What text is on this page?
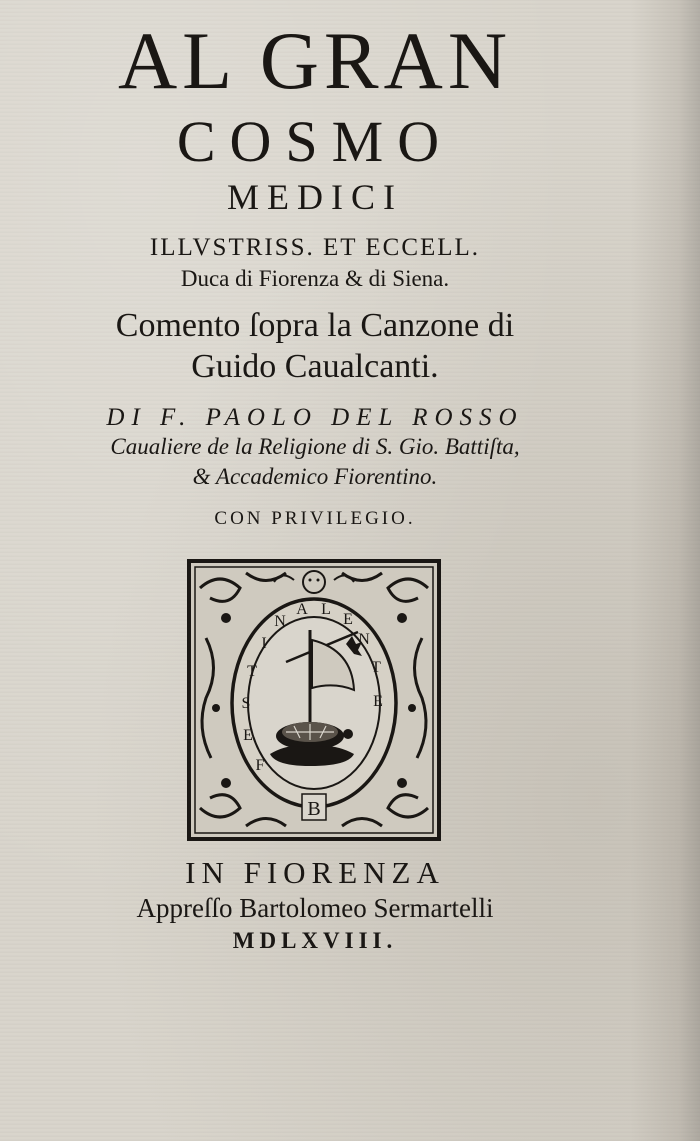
AL GRAN
COSMO
MEDICI
ILLVSTRISS. ET ECCELL.
Duca di Fiorenza & di Siena.
Comento ſopra la Canzone di
Guido Caualcanti.
DI F. PAOLO DEL ROSSO
Caualiere de la Religione di S. Gio. Battiſta,
& Accademico Fiorentino.
CON PRIVILEGIO.
T
I
N
A L
E
N
T
E
S
E
F
B
IN FIORENZA
Appreſſo Bartolomeo Sermartelli
MDLXVIII.
